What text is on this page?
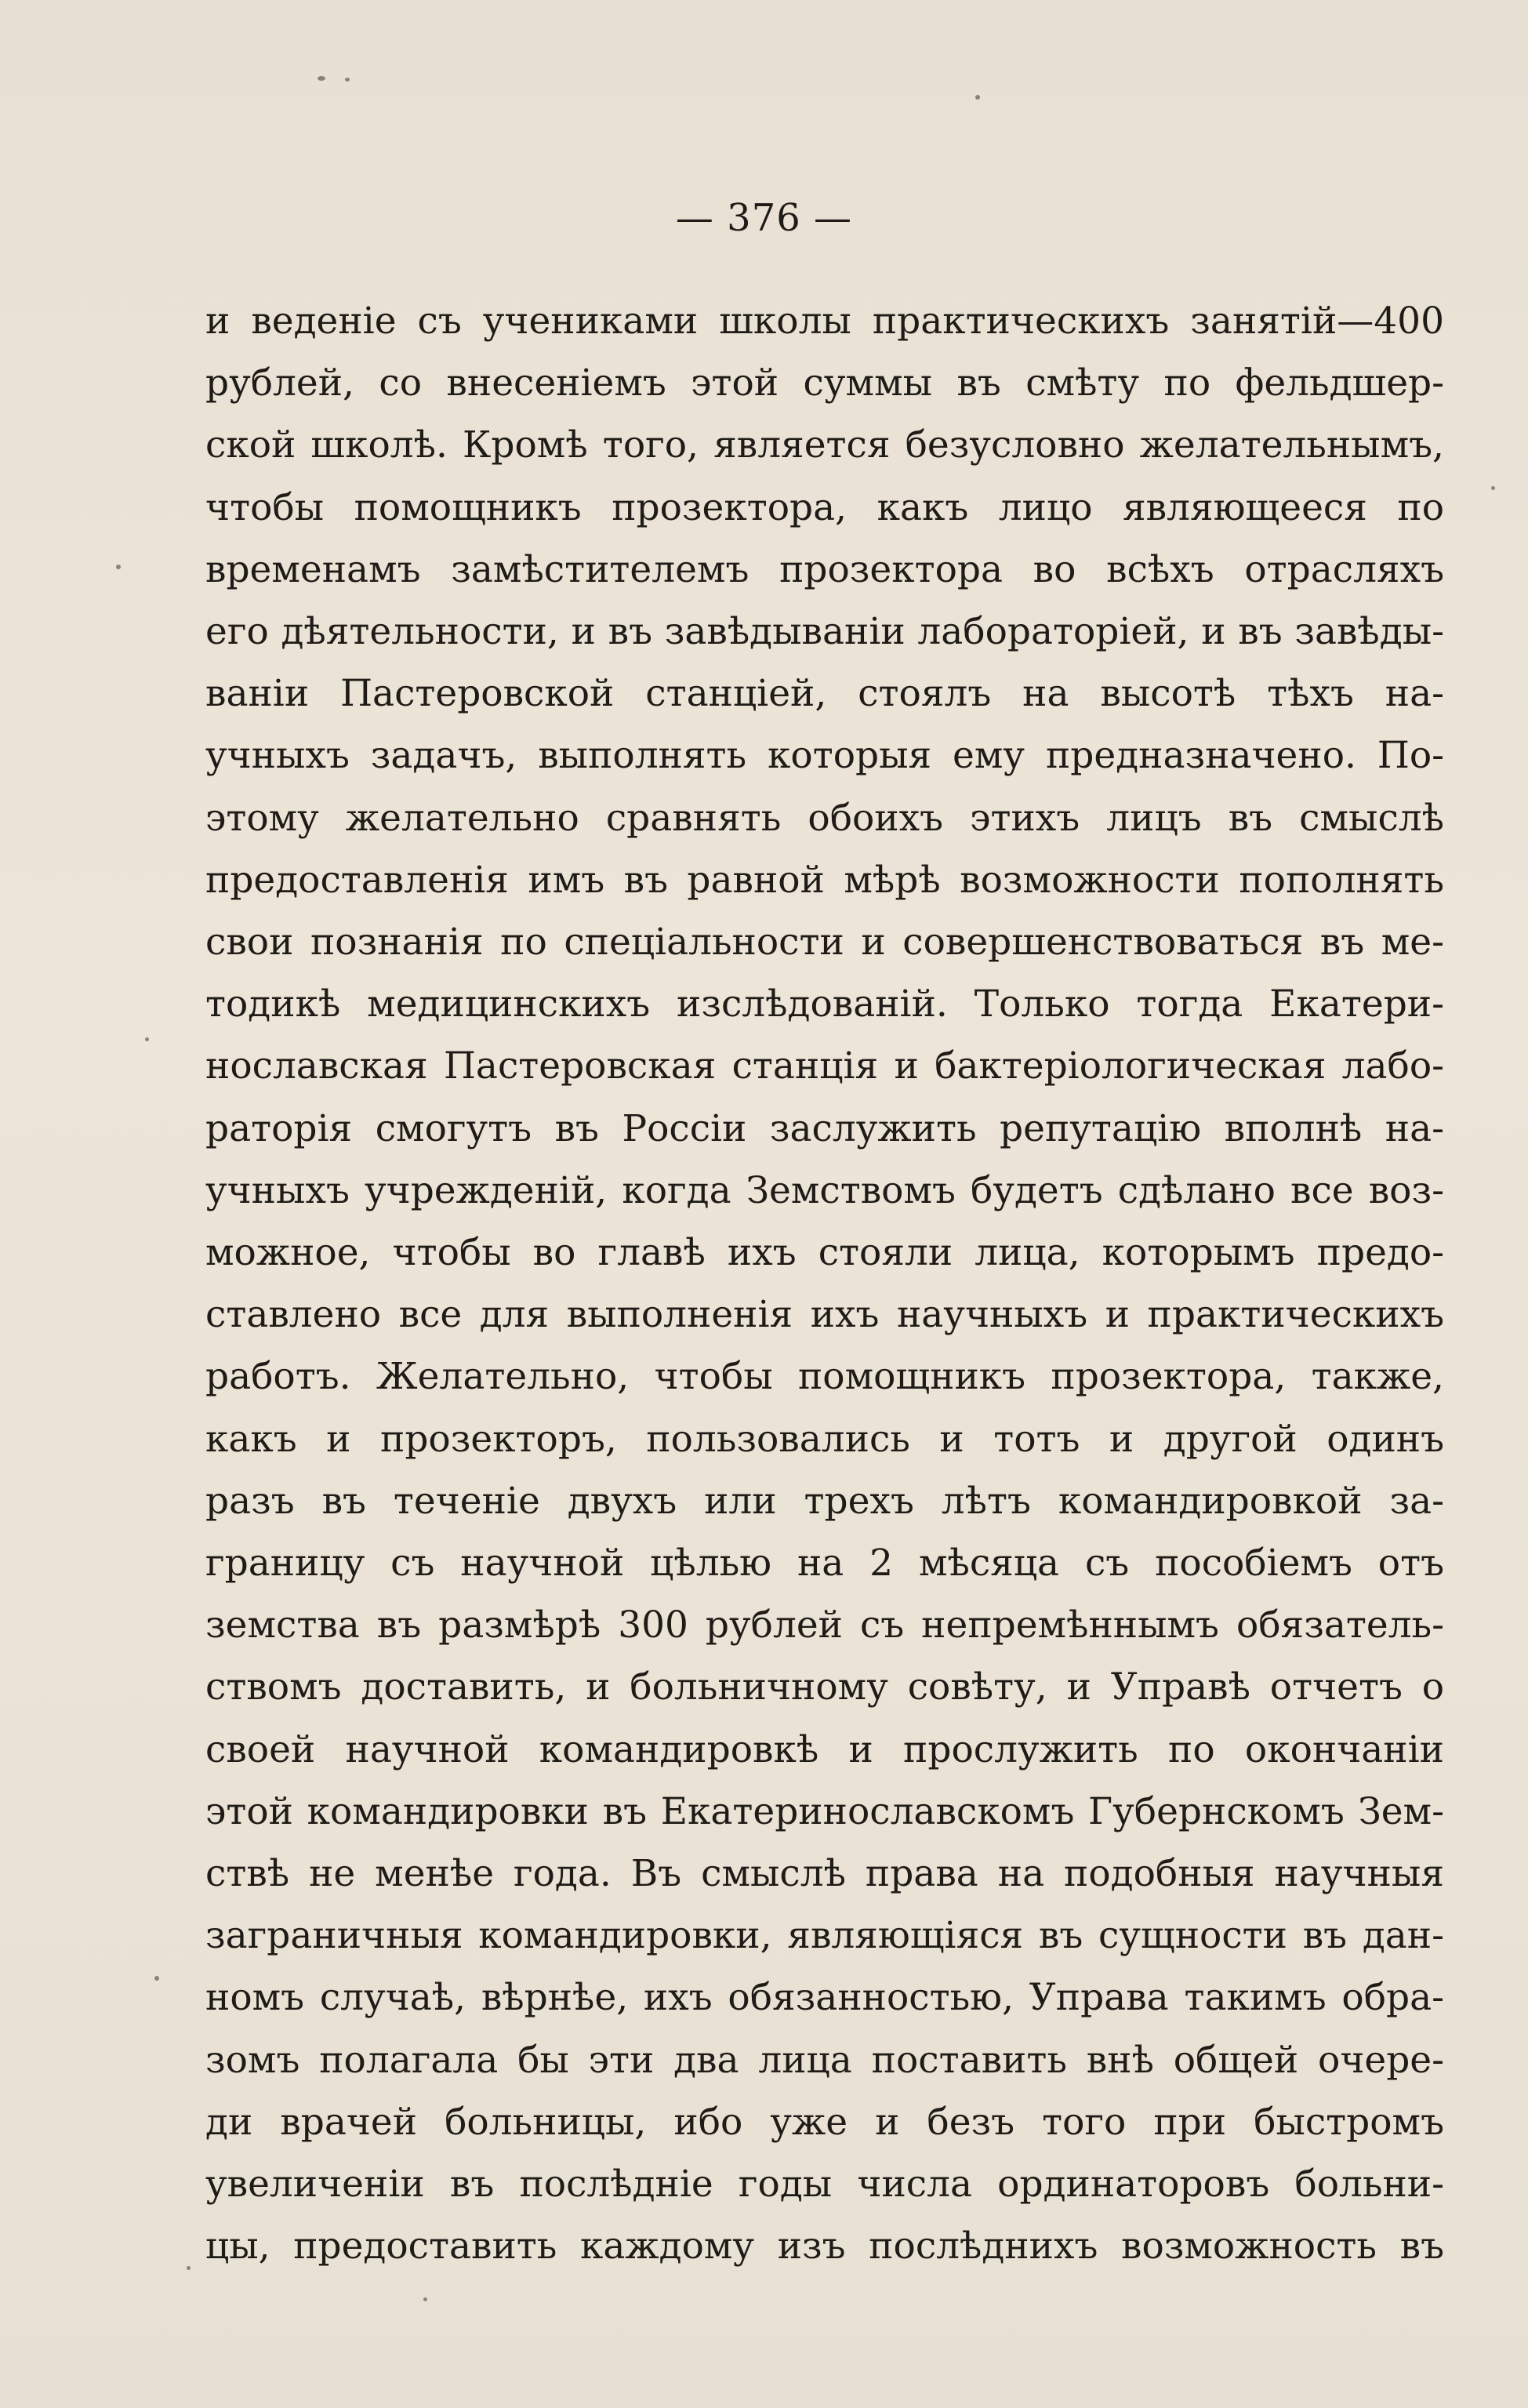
— 376 —
и веденіе съ учениками школы практическихъ занятій—400
рублей, со внесеніемъ этой суммы въ смѣту по фельдшер-
ской школѣ. Кромѣ того, является безусловно желательнымъ,
чтобы помощникъ прозектора, какъ лицо являющееся по
временамъ замѣстителемъ прозектора во всѣхъ отрасляхъ
его дѣятельности, и въ завѣдываніи лабораторіей, и въ завѣды-
ваніи Пастеровской станціей, стоялъ на высотѣ тѣхъ на-
учныхъ задачъ, выполнять которыя ему предназначено. По-
этому желательно сравнять обоихъ этихъ лицъ въ смыслѣ
предоставленія имъ въ равной мѣрѣ возможности пополнять
свои познанія по спеціальности и совершенствоваться въ ме-
тодикѣ медицинскихъ изслѣдованій. Только тогда Екатери-
нославская Пастеровская станція и бактеріологическая лабо-
раторія смогутъ въ Россіи заслужить репутацію вполнѣ на-
учныхъ учрежденій, когда Земствомъ будетъ сдѣлано все воз-
можное, чтобы во главѣ ихъ стояли лица, которымъ предо-
ставлено все для выполненія ихъ научныхъ и практическихъ
работъ. Желательно, чтобы помощникъ прозектора, также,
какъ и прозекторъ, пользовались и тотъ и другой одинъ
разъ въ теченіе двухъ или трехъ лѣтъ командировкой за-
границу съ научной цѣлью на 2 мѣсяца съ пособіемъ отъ
земства въ размѣрѣ 300 рублей съ непремѣннымъ обязатель-
ствомъ доставить, и больничному совѣту, и Управѣ отчетъ о
своей научной командировкѣ и прослужить по окончаніи
этой командировки въ Екатеринославскомъ Губернскомъ Зем-
ствѣ не менѣе года. Въ смыслѣ права на подобныя научныя
заграничныя командировки, являющіяся въ сущности въ дан-
номъ случаѣ, вѣрнѣе, ихъ обязанностью, Управа такимъ обра-
зомъ полагала бы эти два лица поставить внѣ общей очере-
ди врачей больницы, ибо уже и безъ того при быстромъ
увеличеніи въ послѣдніе годы числа ординаторовъ больни-
цы, предоставить каждому изъ послѣднихъ возможность въ
